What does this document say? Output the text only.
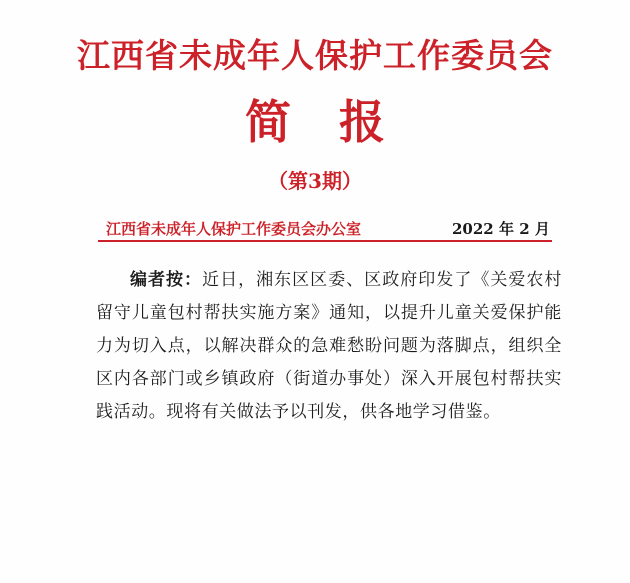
江西省未成年人保护工作委员会
简报
（第3期）
江西省未成年人保护工作委员会办公室	2022 年 2 月
编者按：近日，湘东区区委、区政府印发了《关爱农村留守儿童包村帮扶实施方案》通知，以提升儿童关爱保护能力为切入点，以解决群众的急难愁盼问题为落脚点，组织全区内各部门或乡镇政府（街道办事处）深入开展包村帮扶实践活动。现将有关做法予以刊发，供各地学习借鉴。
